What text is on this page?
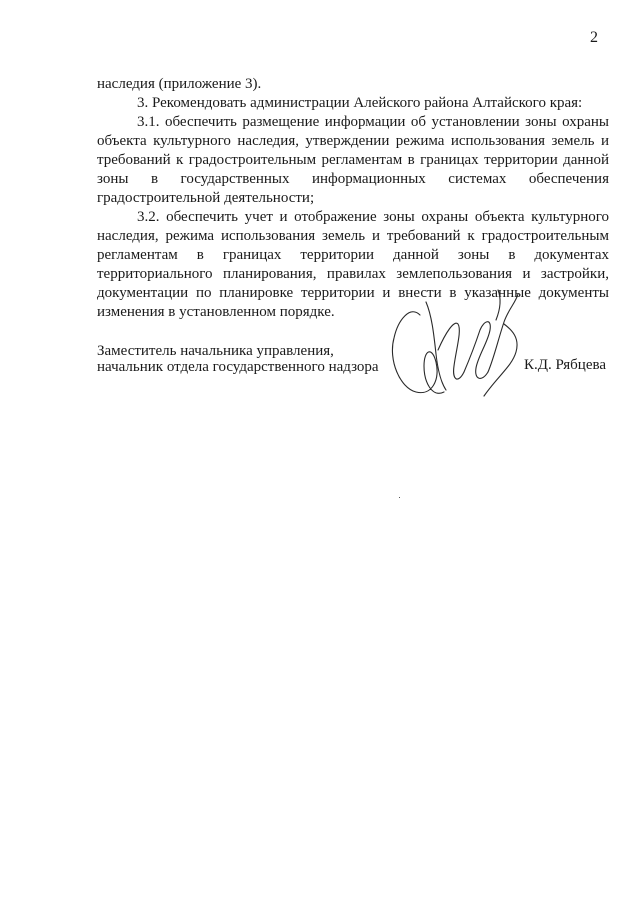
2

наследия (приложение 3).

3. Рекомендовать администрации Алейского района Алтайского края:

3.1. обеспечить размещение информации об установлении зоны охраны объекта культурного наследия, утверждении режима использования земель и требований к градостроительным регламентам в границах территории данной зоны в государственных информационных системах обеспечения градостроительной деятельности;

3.2. обеспечить учет и отображение зоны охраны объекта культурного наследия, режима использования земель и требований к градостроительным регламентам в границах территории данной зоны в документах территориального планирования, правилах землепользования и застройки, документации по планировке территории и внести в указанные документы изменения в установленном порядке.

Заместитель начальника управления,
начальник отдела государственного надзора	К.Д. Рябцева
